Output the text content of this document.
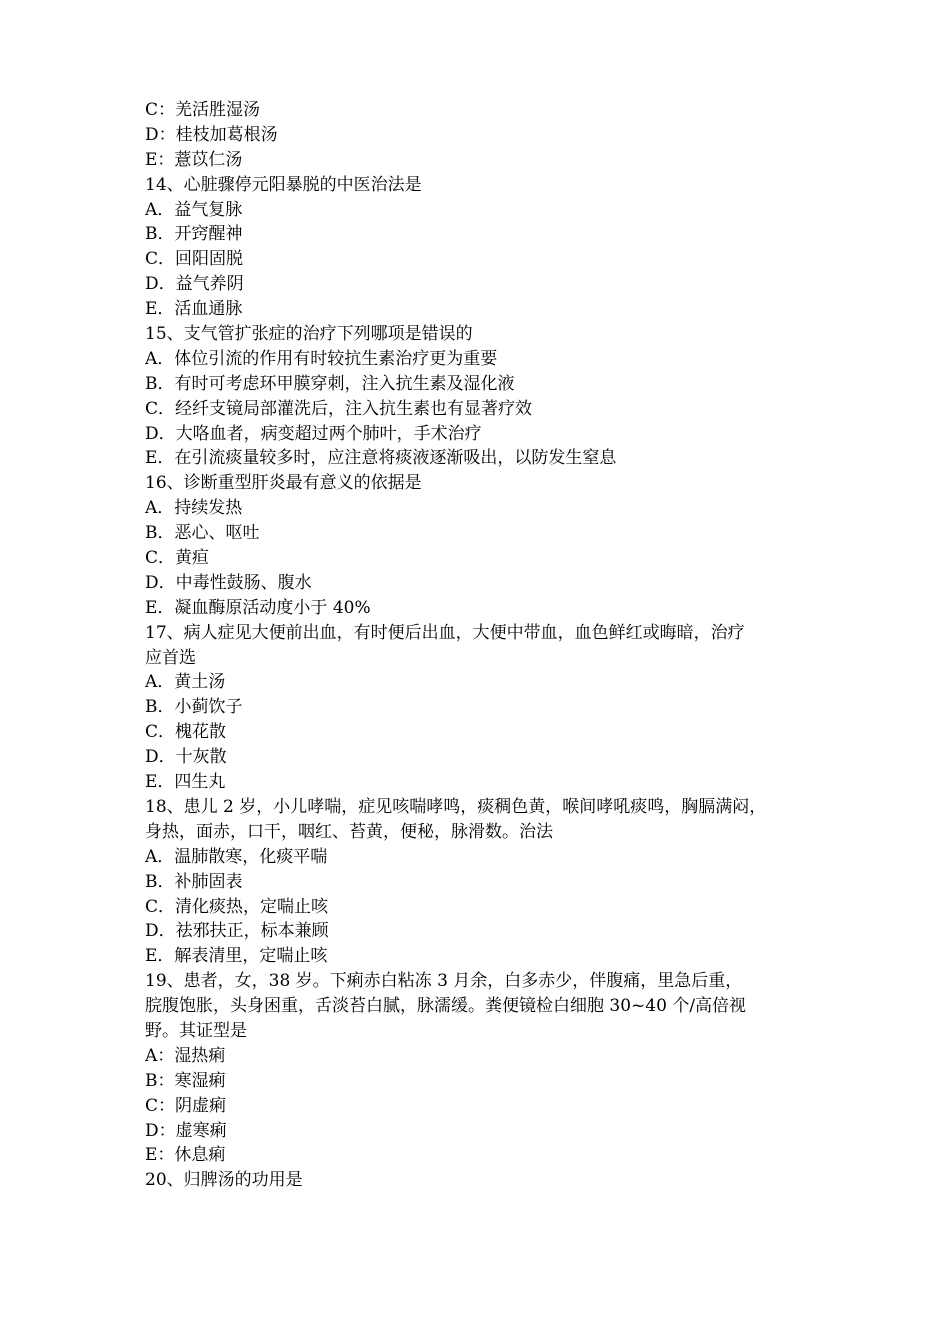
C：羌活胜湿汤
D：桂枝加葛根汤
E：薏苡仁汤
14、心脏骤停元阳暴脱的中医治法是
A．益气复脉
B．开窍醒神
C．回阳固脱
D．益气养阴
E．活血通脉
15、支气管扩张症的治疗下列哪项是错误的
A．体位引流的作用有时较抗生素治疗更为重要
B．有时可考虑环甲膜穿刺，注入抗生素及湿化液
C．经纤支镜局部灌洗后，注入抗生素也有显著疗效
D．大咯血者，病变超过两个肺叶，手术治疗
E．在引流痰量较多时，应注意将痰液逐渐吸出，以防发生窒息
16、诊断重型肝炎最有意义的依据是
A．持续发热
B．恶心、呕吐
C．黄疸
D．中毒性鼓肠、腹水
E．凝血酶原活动度小于 40%
17、病人症见大便前出血，有时便后出血，大便中带血，血色鲜红或晦暗，治疗
应首选
A．黄土汤
B．小蓟饮子
C．槐花散
D．十灰散
E．四生丸
18、患儿 2 岁，小儿哮喘，症见咳喘哮鸣，痰稠色黄，喉间哮吼痰鸣，胸膈满闷，
身热，面赤，口干，咽红、苔黄，便秘，脉滑数。治法
A．温肺散寒，化痰平喘
B．补肺固表
C．清化痰热，定喘止咳
D．祛邪扶正，标本兼顾
E．解表清里，定喘止咳
19、患者，女，38 岁。下痢赤白粘冻 3 月余，白多赤少，伴腹痛，里急后重，
脘腹饱胀，头身困重，舌淡苔白腻，脉濡缓。粪便镜检白细胞 30~40 个/高倍视
野。其证型是
A：湿热痢
B：寒湿痢
C：阴虚痢
D：虚寒痢
E：休息痢
20、归脾汤的功用是
